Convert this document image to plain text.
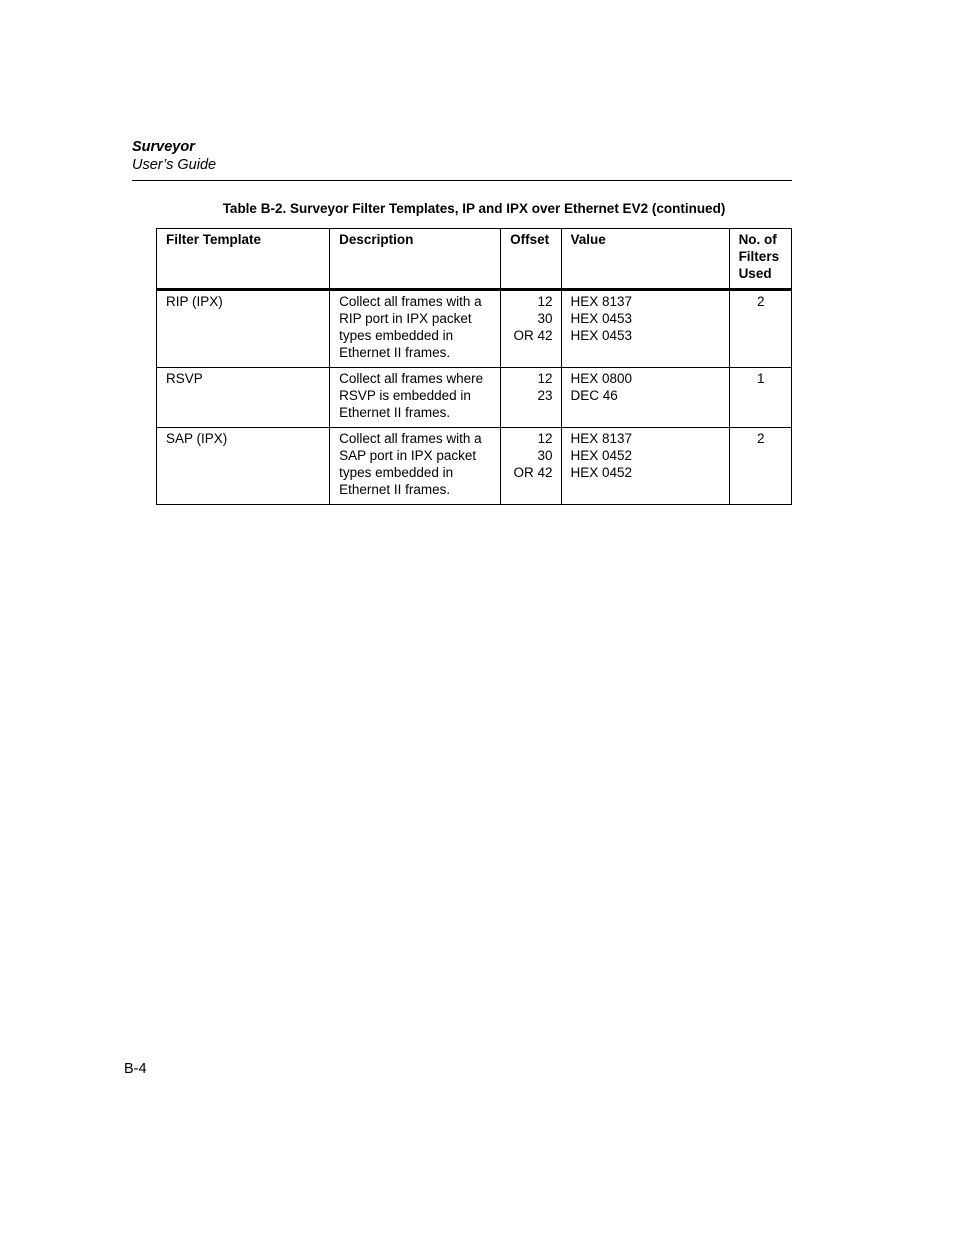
Surveyor
User’s Guide
Table B-2. Surveyor Filter Templates, IP and IPX over Ethernet EV2 (continued)
Filter Template	Description	Offset	Value	No. of
Filters
Used

RIP (IPX)	Collect all frames with a
RIP port in IPX packet
types embedded in
Ethernet II frames.	12
30
OR 42	HEX 8137
HEX 0453
HEX 0453	2
RSVP	Collect all frames where
RSVP is embedded in
Ethernet II frames.	12
23	HEX 0800
DEC 46	1
SAP (IPX)	Collect all frames with a
SAP port in IPX packet
types embedded in
Ethernet II frames.	12
30
OR 42	HEX 8137
HEX 0452
HEX 0452	2
B-4
